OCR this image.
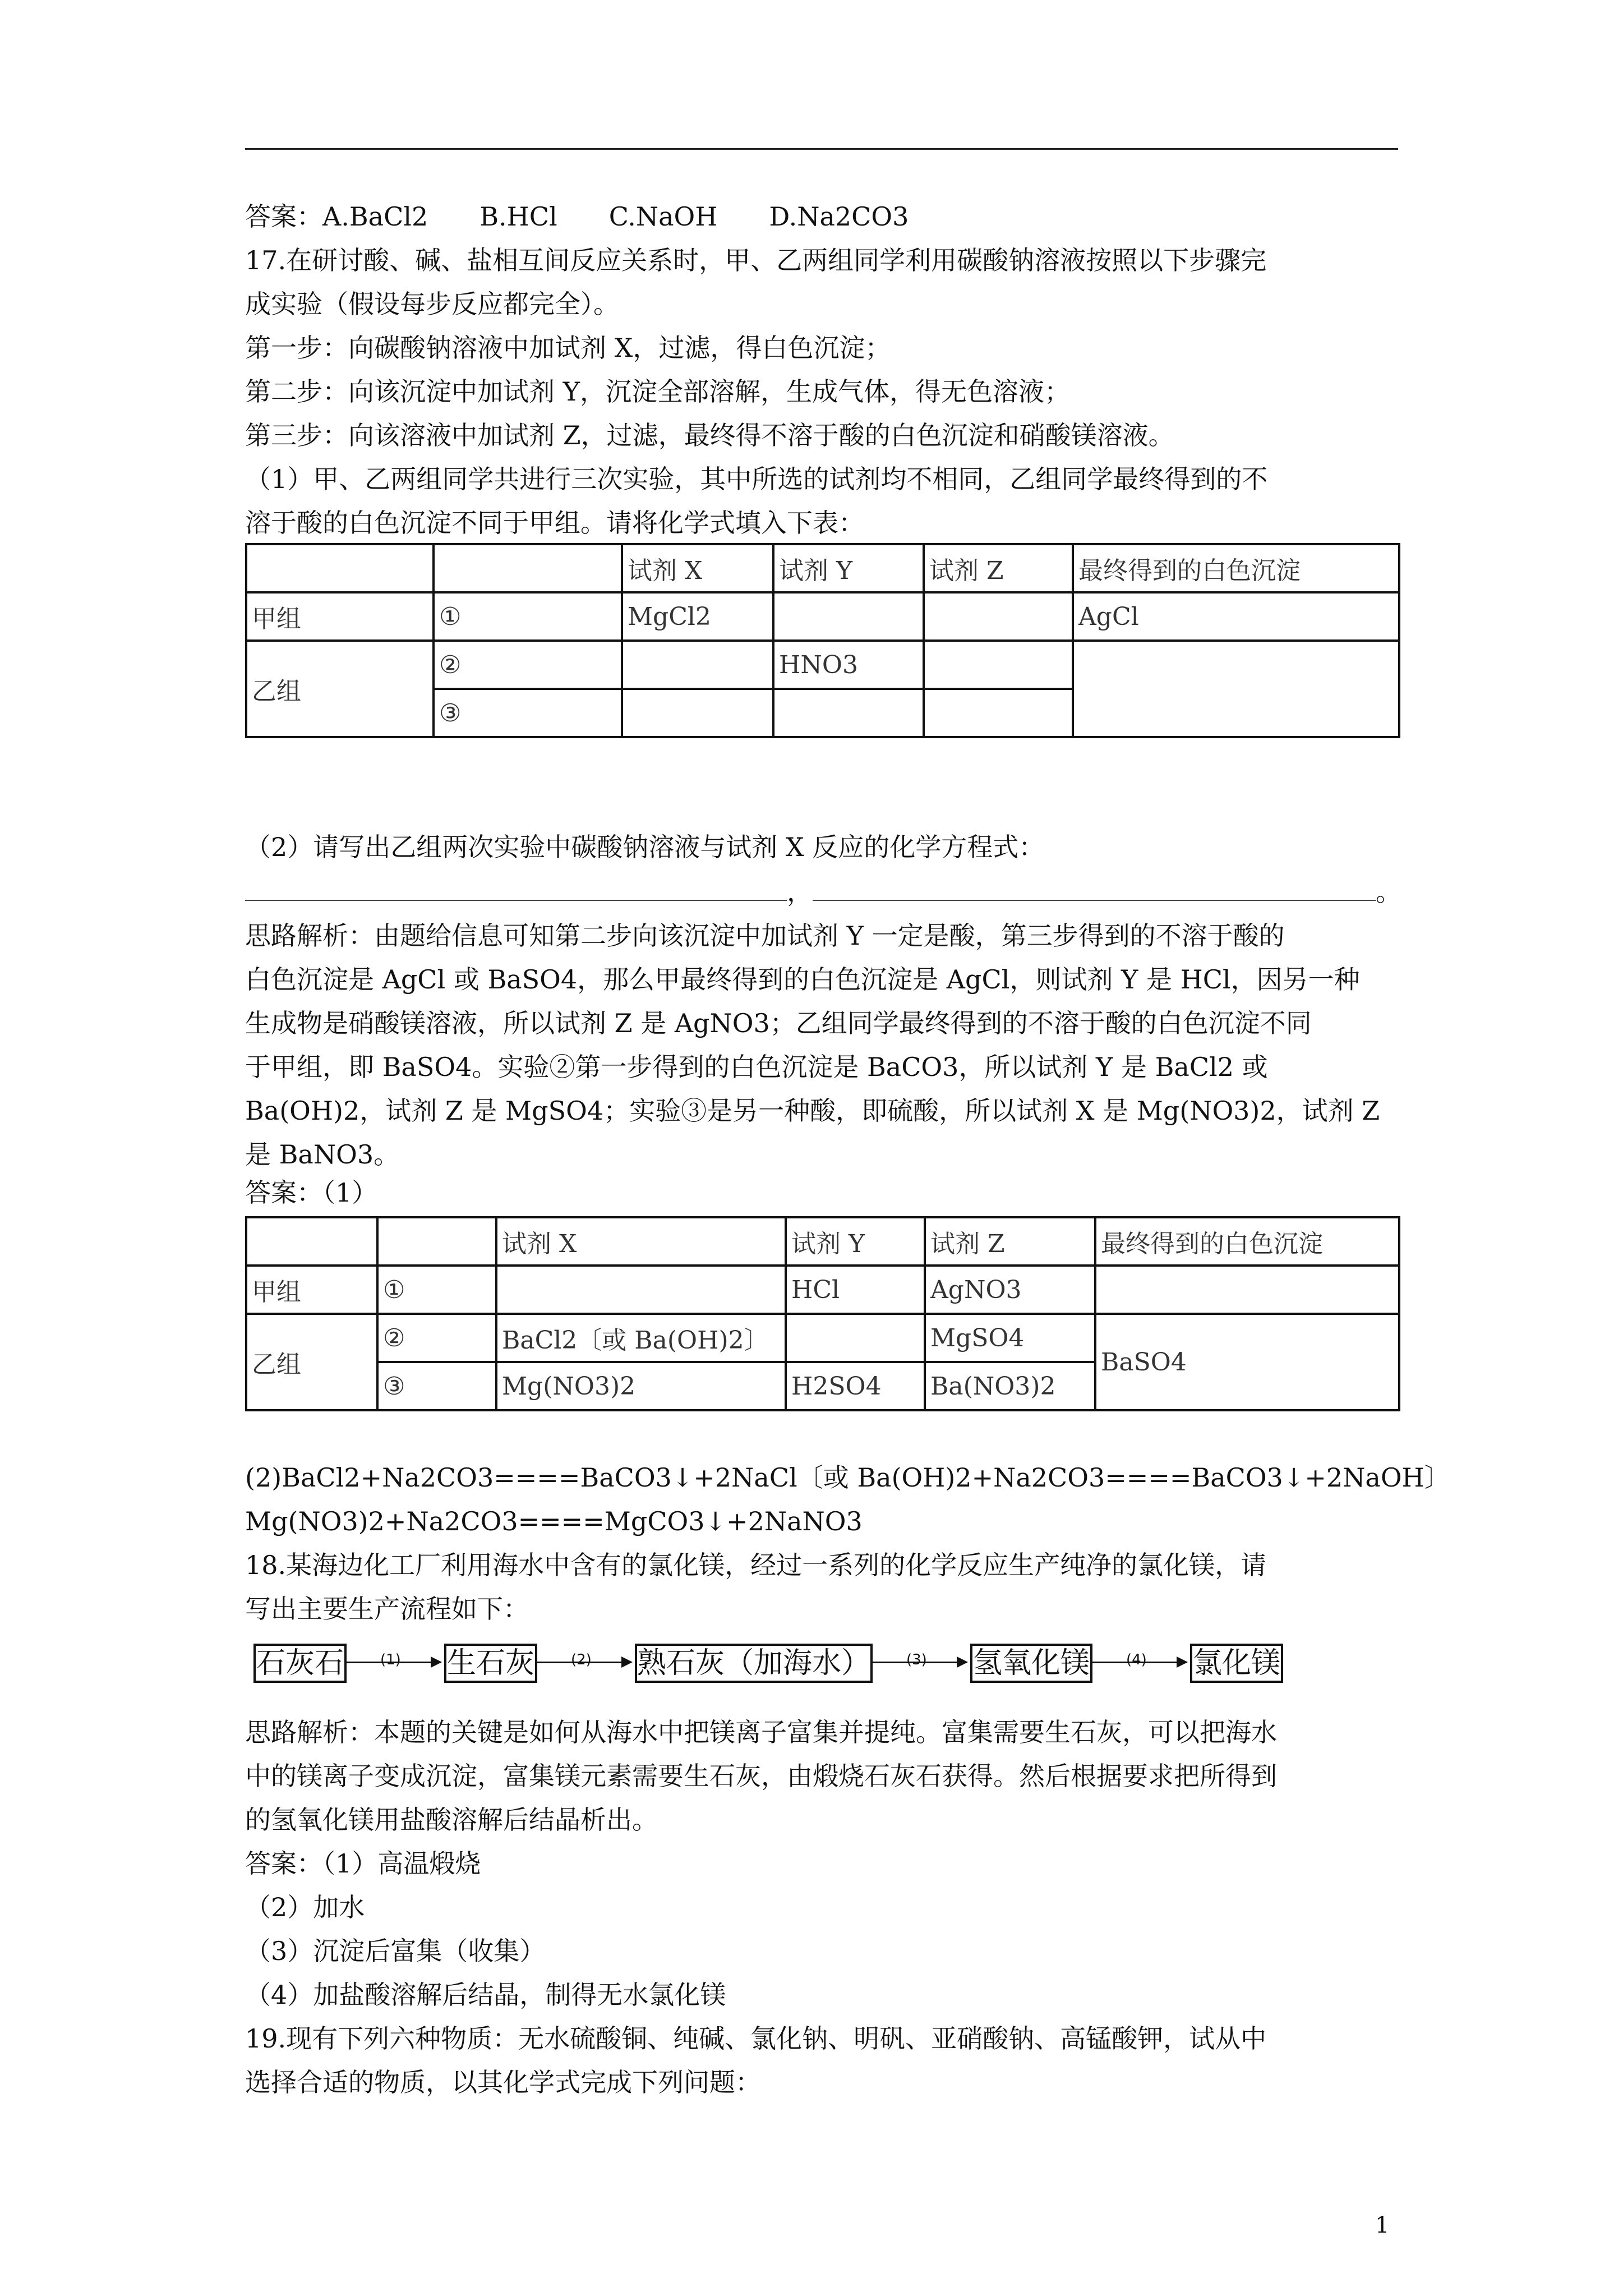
答案：A.BaCl2　　B.HCl　　C.NaOH　　D.Na2CO3
17.在研讨酸、碱、盐相互间反应关系时，甲、乙两组同学利用碳酸钠溶液按照以下步骤完
成实验（假设每步反应都完全）。
第一步：向碳酸钠溶液中加试剂 X，过滤，得白色沉淀；
第二步：向该沉淀中加试剂 Y，沉淀全部溶解，生成气体，得无色溶液；
第三步：向该溶液中加试剂 Z，过滤，最终得不溶于酸的白色沉淀和硝酸镁溶液。
（1）甲、乙两组同学共进行三次实验，其中所选的试剂均不相同，乙组同学最终得到的不
溶于酸的白色沉淀不同于甲组。请将化学式填入下表：
		试剂 X	试剂 Y	试剂 Z	最终得到的白色沉淀
甲组	①	MgCl2			AgCl
乙组	②		HNO3		
	③				
（2）请写出乙组两次实验中碳酸钠溶液与试剂 X 反应的化学方程式：
，	。
思路解析：由题给信息可知第二步向该沉淀中加试剂 Y 一定是酸，第三步得到的不溶于酸的
白色沉淀是 AgCl 或 BaSO4，那么甲最终得到的白色沉淀是 AgCl，则试剂 Y 是 HCl，因另一种
生成物是硝酸镁溶液，所以试剂 Z 是 AgNO3；乙组同学最终得到的不溶于酸的白色沉淀不同
于甲组，即 BaSO4。实验②第一步得到的白色沉淀是 BaCO3，所以试剂 Y 是 BaCl2 或
Ba(OH)2，试剂 Z 是 MgSO4；实验③是另一种酸，即硫酸，所以试剂 X 是 Mg(NO3)2，试剂 Z
是 BaNO3。
答案：（1）
		试剂 X	试剂 Y	试剂 Z	最终得到的白色沉淀
甲组	①		HCl	AgNO3	
乙组	②	BaCl2〔或 Ba(OH)2〕		MgSO4	BaSO4
	③	Mg(NO3)2	H2SO4	Ba(NO3)2	
(2)BaCl2+Na2CO3====BaCO3↓+2NaCl〔或 Ba(OH)2+Na2CO3====BaCO3↓+2NaOH〕
Mg(NO3)2+Na2CO3====MgCO3↓+2NaNO3
18.某海边化工厂利用海水中含有的氯化镁，经过一系列的化学反应生产纯净的氯化镁，请
写出主要生产流程如下：
石灰石	(1) 生石灰	(2) 熟石灰（加海水） (3) 氢氧化镁	(4) 氯化镁
思路解析：本题的关键是如何从海水中把镁离子富集并提纯。富集需要生石灰，可以把海水
中的镁离子变成沉淀，富集镁元素需要生石灰，由煅烧石灰石获得。然后根据要求把所得到
的氢氧化镁用盐酸溶解后结晶析出。
答案：（1）高温煅烧
（2）加水
（3）沉淀后富集（收集）
（4）加盐酸溶解后结晶，制得无水氯化镁
19.现有下列六种物质：无水硫酸铜、纯碱、氯化钠、明矾、亚硝酸钠、高锰酸钾，试从中
选择合适的物质，以其化学式完成下列问题：
1
